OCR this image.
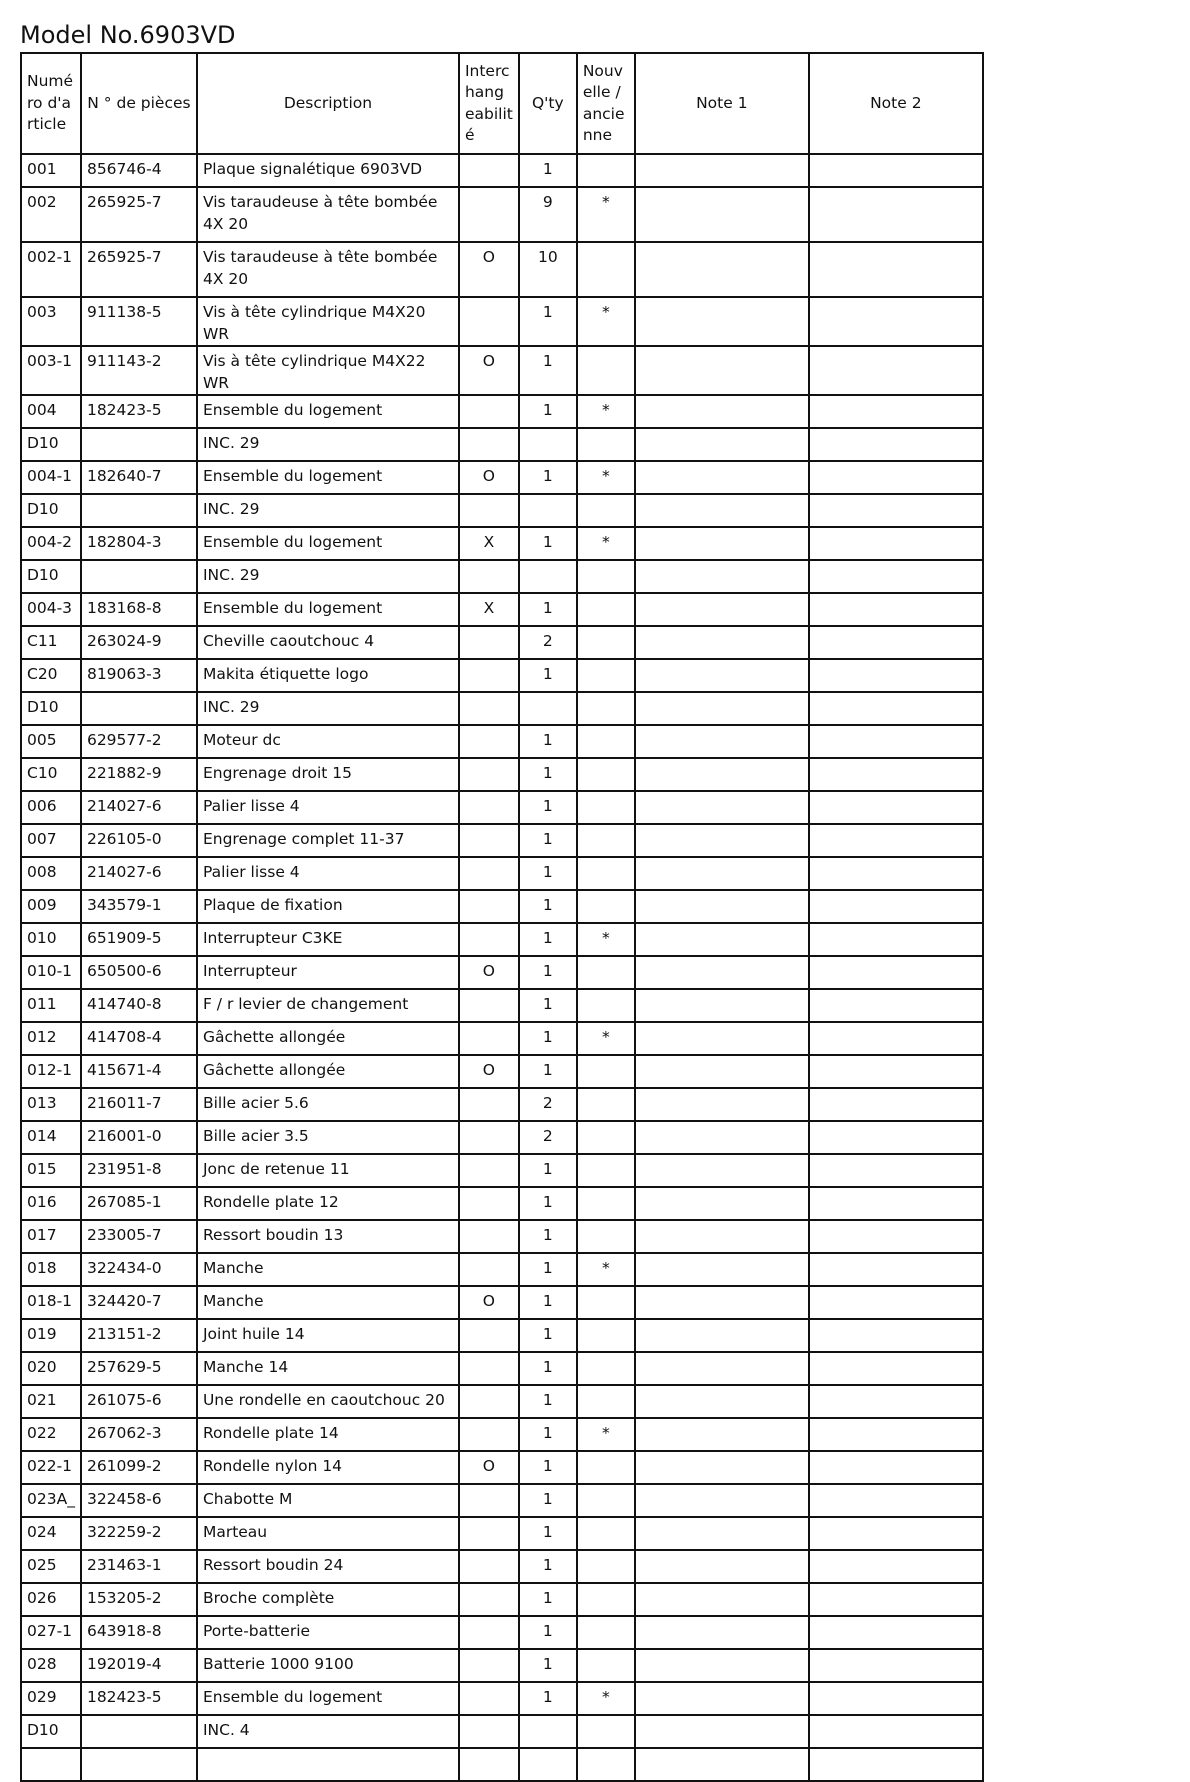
Model No.6903VD
Numé ro d'a rticle	N ° de pièces	Description	Interc hang eabilit é	Q'ty	Nouv elle / ancie nne	Note 1	Note 2
001	856746-4	Plaque signalétique 6903VD		1			
002	265925-7	Vis taraudeuse à tête bombée 4X 20		9	*		
002-1	265925-7	Vis taraudeuse à tête bombée 4X 20	O	10			
003	911138-5	Vis à tête cylindrique M4X20 WR		1	*		
003-1	911143-2	Vis à tête cylindrique M4X22 WR	O	1			
004	182423-5	Ensemble du logement		1	*		
D10		INC. 29					
004-1	182640-7	Ensemble du logement	O	1	*		
D10		INC. 29					
004-2	182804-3	Ensemble du logement	X	1	*		
D10		INC. 29					
004-3	183168-8	Ensemble du logement	X	1			
C11	263024-9	Cheville caoutchouc 4		2			
C20	819063-3	Makita étiquette logo		1			
D10		INC. 29					
005	629577-2	Moteur dc		1			
C10	221882-9	Engrenage droit 15		1			
006	214027-6	Palier lisse 4		1			
007	226105-0	Engrenage complet 11-37		1			
008	214027-6	Palier lisse 4		1			
009	343579-1	Plaque de fixation		1			
010	651909-5	Interrupteur C3KE		1	*		
010-1	650500-6	Interrupteur	O	1			
011	414740-8	F / r levier de changement		1			
012	414708-4	Gâchette allongée		1	*		
012-1	415671-4	Gâchette allongée	O	1			
013	216011-7	Bille acier 5.6		2			
014	216001-0	Bille acier 3.5		2			
015	231951-8	Jonc de retenue 11		1			
016	267085-1	Rondelle plate 12		1			
017	233005-7	Ressort boudin 13		1			
018	322434-0	Manche		1	*		
018-1	324420-7	Manche	O	1			
019	213151-2	Joint huile 14		1			
020	257629-5	Manche 14		1			
021	261075-6	Une rondelle en caoutchouc 20		1			
022	267062-3	Rondelle plate 14		1	*		
022-1	261099-2	Rondelle nylon 14	O	1			
023A_	322458-6	Chabotte M		1			
024	322259-2	Marteau		1			
025	231463-1	Ressort boudin 24		1			
026	153205-2	Broche complète		1			
027-1	643918-8	Porte-batterie		1			
028	192019-4	Batterie 1000 9100		1			
029	182423-5	Ensemble du logement		1	*		
D10		INC. 4					
